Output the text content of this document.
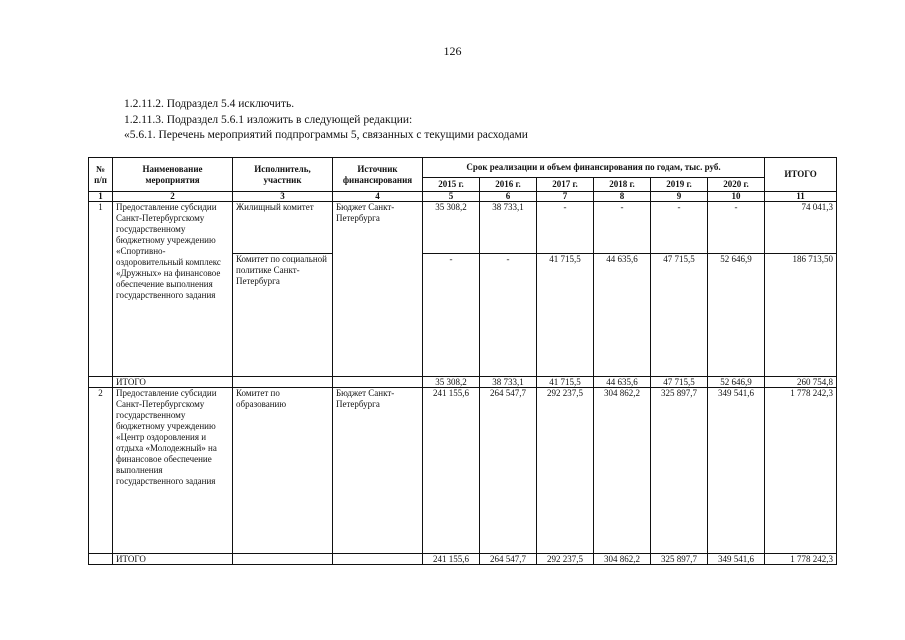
126
1.2.11.2. Подраздел 5.4 исключить.
1.2.11.3. Подраздел 5.6.1 изложить в следующей редакции:
«5.6.1. Перечень мероприятий подпрограммы 5, связанных с текущими расходами
№ п/п	Наименование мероприятия	Исполнитель, участник	Источник финансирования	Срок реализации и объем финансирования по годам, тыс. руб.						ИТОГО
				2015 г.	2016 г.	2017 г.	2018 г.	2019 г.	2020 г.	
1	2	3	4	5	6	7	8	9	10	11
1	Предоставление субсидии Санкт-Петербургскому государственному бюджетному учреждению «Спортивно-оздоровительный комплекс «Дружных» на финансовое обеспечение выполнения государственного задания	Жилищный комитет	Бюджет Санкт-Петербурга	35 308,2	38 733,1	-	-	-	-	74 041,3
		Комитет по социальной политике Санкт-Петербурга		-	-	41 715,5	44 635,6	47 715,5	52 646,9	186 713,50
	ИТОГО			35 308,2	38 733,1	41 715,5	44 635,6	47 715,5	52 646,9	260 754,8
2	Предоставление субсидии Санкт-Петербургскому государственному бюджетному учреждению «Центр оздоровления и отдыха «Молодежный» на финансовое обеспечение выполнения государственного задания	Комитет по образованию	Бюджет Санкт-Петербурга	241 155,6	264 547,7	292 237,5	304 862,2	325 897,7	349 541,6	1 778 242,3
	ИТОГО			241 155,6	264 547,7	292 237,5	304 862,2	325 897,7	349 541,6	1 778 242,3
